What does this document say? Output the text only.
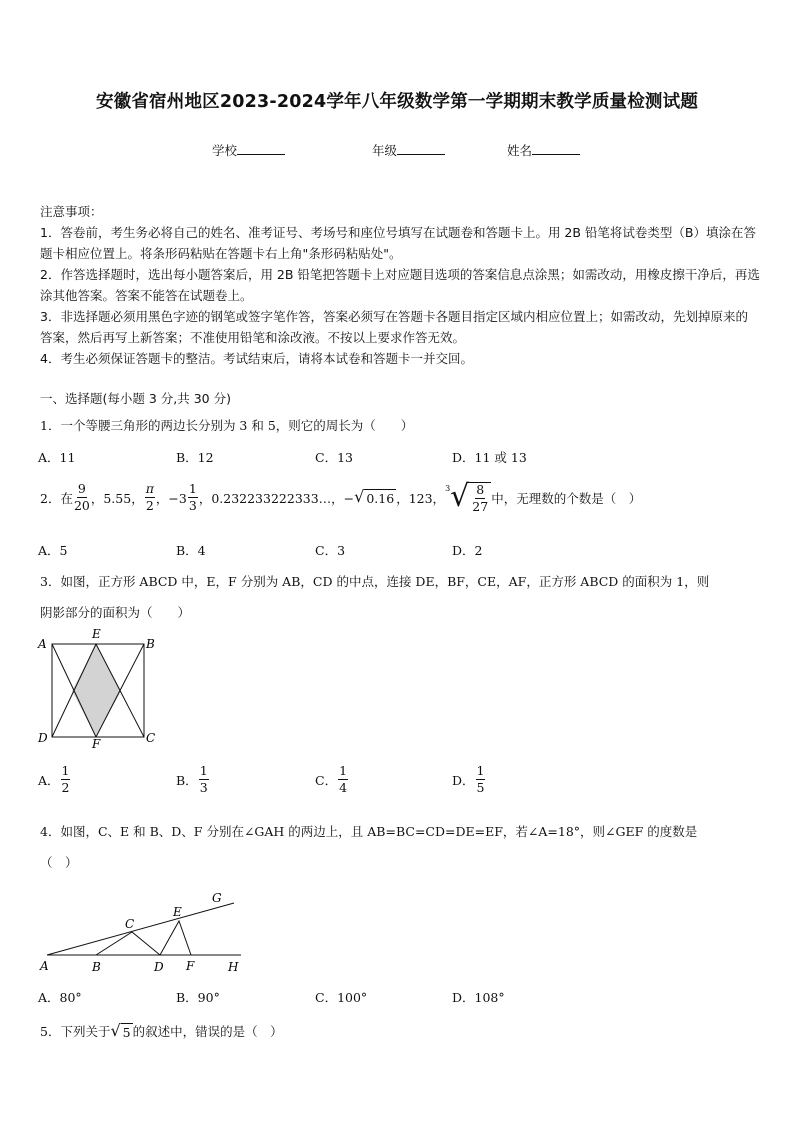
安徽省宿州地区2023-2024学年八年级数学第一学期期末教学质量检测试题
学校	年级	姓名

注意事项：

1．答卷前，考生务必将自己的姓名、准考证号、考场号和座位号填写在试题卷和答题卡上。用 2B 铅笔将试卷类型（B）填涂在答题卡相应位置上。将条形码粘贴在答题卡右上角"条形码粘贴处"。

2．作答选择题时，选出每小题答案后，用 2B 铅笔把答题卡上对应题目选项的答案信息点涂黑；如需改动，用橡皮擦干净后，再选涂其他答案。答案不能答在试题卷上。

3．非选择题必须用黑色字迹的钢笔或签字笔作答，答案必须写在答题卡各题目指定区域内相应位置上；如需改动，先划掉原来的答案，然后再写上新答案；不准使用铅笔和涂改液。不按以上要求作答无效。

4．考生必须保证答题卡的整洁。考试结束后，请将本试卷和答题卡一并交回。

一、选择题(每小题 3 分,共 30 分)
1．一个等腰三角形的两边长分别为 3 和 5，则它的周长为（　　）
A．11	B．12	C．13	D．11 或 13
2．在 $\frac{9}{20}$ ，5.55， $\frac{\pi}{2}$ ，$-3 \frac{1}{3}$ ，0.232233222333…，− √ 0.16 ，123，
3 √ $\frac{8}{27}$ 中，无理数的个数是（　）
A．5	B．4	C．3	D．2
3．如图，正方形 ABCD 中，E，F 分别为 AB，CD 的中点，连接 DE，BF，CE，AF，正方形 ABCD 的面积为 1，则
阴影部分的面积为（　　）
A	B
C
D
E
F
A． $\frac{1}{2}$	B． $\frac{1}{3}$	C． $\frac{1}{4}$	D． $\frac{1}{5}$
4．如图，C、E 和 B、D、F 分别在∠GAH 的两边上，且 AB=BC=CD=DE=EF，若∠A=18°，则∠GEF 的度数是
（　）
A	B
C
D
E
F
G
H
A．80°	B．90°	C．100°	D．108°
5．下列关于 √ 5 的叙述中，错误的是（　）
